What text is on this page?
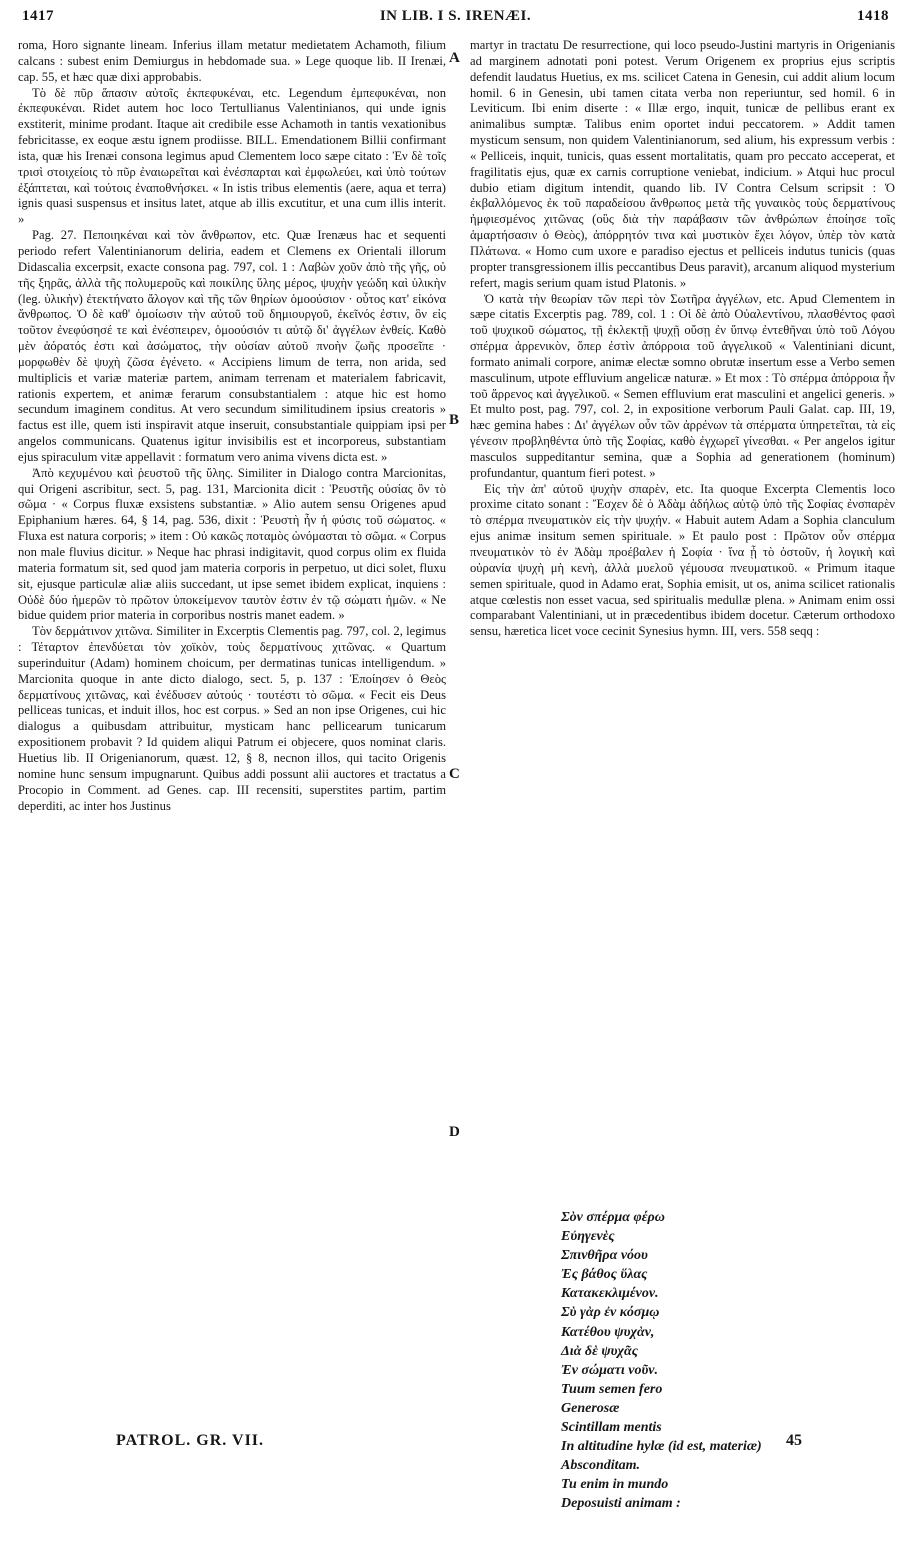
1417	IN LIB. I S. IRENÆI.	1418

roma, Horo signante lineam. Inferius illam metatur medietatem Achamoth, filium calcans : subest enim Demiurgus in hebdomade sua. » Lege quoque lib. II Irenæi, cap. 55, et hæc quæ dixi approbabis.

Τὸ δὲ πῦρ ἅπασιν αὐτοῖς ἐκπεφυκέναι, etc. Legendum ἐμπεφυκέναι, non ἐκπεφυκέναι. Ridet autem hoc loco Tertullianus Valentinianos, qui unde ignis exstiterit, minime prodant. Itaque ait credibile esse Achamoth in tantis vexationibus febricitasse, ex eoque æstu ignem prodiisse. BILL. Emendationem Billii confirmant ista, quæ his Irenæi consona legimus apud Clementem loco sæpe citato : Ἐν δὲ τοῖς τρισὶ στοιχείοις τὸ πῦρ ἐναιωρεῖται καὶ ἐνέσπαρται καὶ ἐμφωλεύει, καὶ ὑπὸ τούτων ἐξάπτεται, καὶ τούτοις ἐναποθνήσκει. « In istis tribus elementis (aere, aqua et terra) ignis quasi suspensus et insitus latet, atque ab illis excutitur, et una cum illis interit. »

Pag. 27. Πεποιηκέναι καὶ τὸν ἄνθρωπον, etc. Quæ Irenæus hac et sequenti periodo refert Valentinianorum deliria, eadem et Clemens ex Orientali illorum Didascalia excerpsit, exacte consona pag. 797, col. 1 : Λαβὼν χοῦν ἀπὸ τῆς γῆς, οὐ τῆς ξηρᾶς, ἀλλὰ τῆς πολυμεροῦς καὶ ποικίλης ὕλης μέρος, ψυχὴν γεώδη καὶ ὑλικὴν (leg. ὑλικὴν) ἐτεκτήνατο ἄλογον καὶ τῆς τῶν θηρίων ὁμοούσιον · οὗτος κατ' εἰκόνα ἄνθρωπος. Ὁ δὲ καθ' ὁμοίωσιν τὴν αὐτοῦ τοῦ δημιουργοῦ, ἐκεῖνός ἐστιν, ὃν εἰς τοῦτον ἐνεφύσησέ τε καὶ ἐνέσπειρεν, ὁμοούσιόν τι αὐτῷ δι' ἀγγέλων ἐνθείς. Καθὸ μὲν ἀόρατός ἐστι καὶ ἀσώματος, τὴν οὐσίαν αὐτοῦ πνοὴν ζωῆς προσεῖπε · μορφωθὲν δὲ ψυχὴ ζῶσα ἐγένετο. « Accipiens limum de terra, non arida, sed multiplicis et variæ materiæ partem, animam terrenam et materialem fabricavit, rationis expertem, et animæ ferarum consubstantialem : atque hic est homo secundum imaginem conditus. At vero secundum similitudinem ipsius creatoris » factus est ille, quem isti inspiravit atque inseruit, consubstantiale quippiam ipsi per angelos communicans. Quatenus igitur invisibilis est et incorporeus, substantiam ejus spiraculum vitæ appellavit : formatum vero anima vivens dicta est. »

Ἀπὸ κεχυμένου καὶ ῥευστοῦ τῆς ὕλης. Similiter in Dialogo contra Marcionitas, qui Origeni ascribitur, sect. 5, pag. 131, Marcionita dicit : Ῥευστῆς οὐσίας ὂν τὸ σῶμα · « Corpus fluxæ exsistens substantiæ. » Alio autem sensu Origenes apud Epiphanium hæres. 64, § 14, pag. 536, dixit : Ῥευστὴ ἦν ἡ φύσις τοῦ σώματος. « Fluxa est natura corporis; » item : Οὐ κακῶς ποταμὸς ὠνόμασται τὸ σῶμα. « Corpus non male fluvius dicitur. » Neque hac phrasi indigitavit, quod corpus olim ex fluida materia formatum sit, sed quod jam materia corporis in perpetuo, ut dici solet, fluxu sit, ejusque particulæ aliæ aliis succedant, ut ipse semet ibidem explicat, inquiens : Οὐδὲ δύο ἡμερῶν τὸ πρῶτον ὑποκείμενον ταυτὸν ἐστιν ἐν τῷ σώματι ἡμῶν. « Ne bidue quidem prior materia in corporibus nostris manet eadem. »

Τὸν δερμάτινον χιτῶνα. Similiter in Excerptis Clementis pag. 797, col. 2, legimus : Τέταρτον ἐπενδύεται τὸν χοϊκὸν, τοὺς δερματίνους χιτῶνας. « Quartum superinduitur (Adam) hominem choicum, per dermatinas tunicas intelligendum. » Marcionita quoque in ante dicto dialogo, sect. 5, p. 137 : Ἐποίησεν ὁ Θεὸς δερματίνους χιτῶνας, καὶ ἐνέδυσεν αὐτούς · τουτέστι τὸ σῶμα. « Fecit eis Deus pelliceas tunicas, et induit illos, hoc est corpus. » Sed an non ipse Origenes, cui hic dialogus a quibusdam attribuitur, mysticam hanc pellicearum tunicarum expositionem probavit ? Id quidem aliqui Patrum ei objecere, quos nominat claris. Huetius lib. II Origenianorum, quæst. 12, § 8, necnon illos, qui tacito Origenis nomine hunc sensum impugnarunt. Quibus addi possunt alii auctores et tractatus a Procopio in Comment. ad Genes. cap. III recensiti, superstites partim, partim deperditi, ac inter hos Justinus

A
B
C
D

martyr in tractatu De resurrectione, qui loco pseudo-Justini martyris in Origenianis ad marginem adnotati poni potest. Verum Origenem ex proprius ejus scriptis defendit laudatus Huetius, ex ms. scilicet Catena in Genesin, cui addit alium locum homil. 6 in Genesin, ubi tamen citata verba non reperiuntur, sed homil. 6 in Leviticum. Ibi enim diserte : « Illæ ergo, inquit, tunicæ de pellibus erant ex animalibus sumptæ. Talibus enim oportet indui peccatorem. » Addit tamen mysticum sensum, non quidem Valentinianorum, sed alium, his expressum verbis : « Pelliceis, inquit, tunicis, quas essent mortalitatis, quam pro peccato acceperat, et fragilitatis ejus, quæ ex carnis corruptione veniebat, indicium. » Atqui huc procul dubio etiam digitum intendit, quando lib. IV Contra Celsum scripsit : Ὁ ἐκβαλλόμενος ἐκ τοῦ παραδείσου ἄνθρωπος μετὰ τῆς γυναικὸς τοὺς δερματίνους ἠμφιεσμένος χιτῶνας (οὓς διὰ τὴν παράβασιν τῶν ἀνθρώπων ἐποίησε τοῖς ἁμαρτήσασιν ὁ Θεὸς), ἀπόρρητόν τινα καὶ μυστικὸν ἔχει λόγον, ὑπὲρ τὸν κατὰ Πλάτωνα. « Homo cum uxore e paradiso ejectus et pelliceis indutus tunicis (quas propter transgressionem illis peccantibus Deus paravit), arcanum aliquod mysterium refert, magis serium quam istud Platonis. »

Ὁ κατὰ τὴν θεωρίαν τῶν περὶ τὸν Σωτῆρα ἀγγέλων, etc. Apud Clementem in sæpe citatis Excerptis pag. 789, col. 1 : Οἱ δὲ ἀπὸ Οὐαλεντίνου, πλασθέντος φασὶ τοῦ ψυχικοῦ σώματος, τῇ ἐκλεκτῇ ψυχῇ οὔσῃ ἐν ὕπνῳ ἐντεθῆναι ὑπὸ τοῦ Λόγου σπέρμα ἀρρενικὸν, ὅπερ ἐστὶν ἀπόρροια τοῦ ἀγγελικοῦ « Valentiniani dicunt, formato animali corpore, animæ electæ somno obrutæ insertum esse a Verbo semen masculinum, utpote effluvium angelicæ naturæ. » Et mox : Τὸ σπέρμα ἀπόρροια ἦν τοῦ ἄρρενος καὶ ἀγγελικοῦ. « Semen effluvium erat masculini et angelici generis. » Et multo post, pag. 797, col. 2, in expositione verborum Pauli Galat. cap. III, 19, hæc gemina habes : Δι' ἀγγέλων οὖν τῶν ἀρρένων τὰ σπέρματα ὑπηρετεῖται, τὰ εἰς γένεσιν προβληθέντα ὑπὸ τῆς Σοφίας, καθὸ ἐγχωρεῖ γίνεσθαι. « Per angelos igitur masculos suppeditantur semina, quæ a Sophia ad generationem (hominum) profundantur, quantum fieri potest. »

Εἰς τὴν ἀπ' αὐτοῦ ψυχὴν σπαρὲν, etc. Ita quoque Excerpta Clementis loco proxime citato sonant : Ἔσχεν δὲ ὁ Ἀδὰμ ἀδήλως αὐτῷ ὑπὸ τῆς Σοφίας ἐνσπαρὲν τὸ σπέρμα πνευματικὸν εἰς τὴν ψυχήν. « Habuit autem Adam a Sophia clanculum ejus animæ insitum semen spirituale. » Et paulo post : Πρῶτον οὖν σπέρμα πνευματικὸν τὸ ἐν Ἀδὰμ προέβαλεν ἡ Σοφία · ἵνα ᾖ τὸ ὀστοῦν, ἡ λογικὴ καὶ οὐρανία ψυχὴ μὴ κενὴ, ἀλλὰ μυελοῦ γέμουσα πνευματικοῦ. « Primum itaque semen spirituale, quod in Adamo erat, Sophia emisit, ut os, anima scilicet rationalis atque cœlestis non esset vacua, sed spiritualis medullæ plena. » Animam enim ossi comparabant Valentiniani, ut in præcedentibus ibidem docetur. Cæterum orthodoxo sensu, hæretica licet voce cecinit Synesius hymn. III, vers. 558 seqq :

Σὸν σπέρμα φέρω
Εὐηγενὲς
Σπινθῆρα νόου
Ἐς βάθος ὕλας
Κατακεκλιμένον.
Σὺ γὰρ ἐν κόσμῳ
Κατέθου ψυχὰν,
Διὰ δὲ ψυχᾶς
Ἐν σώματι νοῦν.
Tuum semen fero
Generosæ
Scintillam mentis
In altitudine hylæ (id est, materiæ)
Absconditam.
Tu enim in mundo
Deposuisti animam :
PATROL. GR. VII.	45
